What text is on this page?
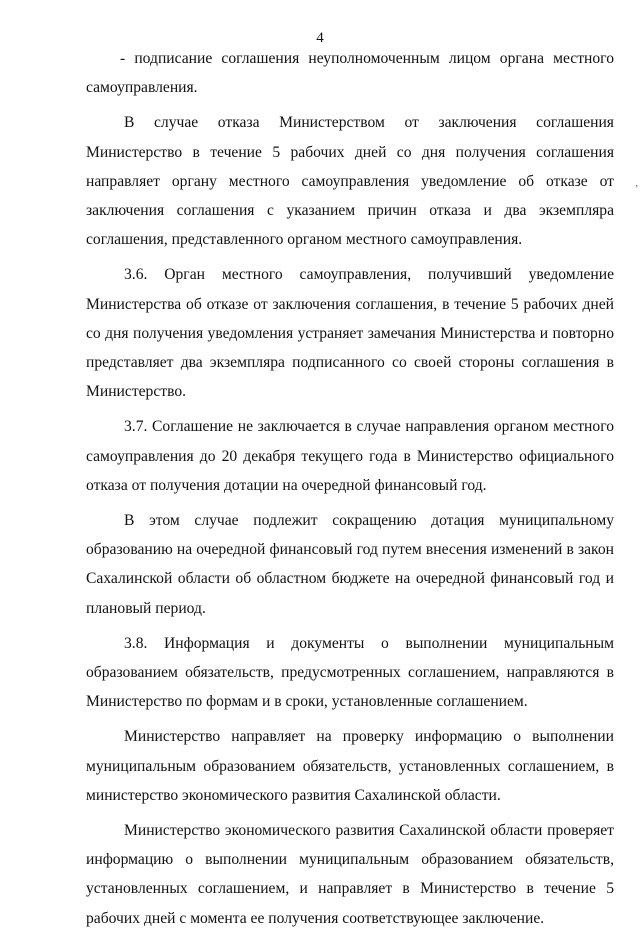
4

- подписание соглашения неуполномоченным лицом органа местного самоуправления.

В случае отказа Министерством от заключения соглашения Министерство в течение 5 рабочих дней со дня получения соглашения направляет органу местного самоуправления уведомление об отказе от заключения соглашения с указанием причин отказа и два экземпляра соглашения, представленного органом местного самоуправления.

3.6. Орган местного самоуправления, получивший уведомление Министерства об отказе от заключения соглашения, в течение 5 рабочих дней со дня получения уведомления устраняет замечания Министерства и повторно представляет два экземпляра подписанного со своей стороны соглашения в Министерство.

3.7. Соглашение не заключается в случае направления органом местного самоуправления до 20 декабря текущего года в Министерство официального отказа от получения дотации на очередной финансовый год.

В этом случае подлежит сокращению дотация муниципальному образованию на очередной финансовый год путем внесения изменений в закон Сахалинской области об областном бюджете на очередной финансовый год и плановый период.

3.8. Информация и документы о выполнении муниципальным образованием обязательств, предусмотренных соглашением, направляются в Министерство по формам и в сроки, установленные соглашением.

Министерство направляет на проверку информацию о выполнении муниципальным образованием обязательств, установленных соглашением, в министерство экономического развития Сахалинской области.

Министерство экономического развития Сахалинской области проверяет информацию о выполнении муниципальным образованием обязательств, установленных соглашением, и направляет в Министерство в течение 5 рабочих дней с момента ее получения соответствующее заключение.

,
